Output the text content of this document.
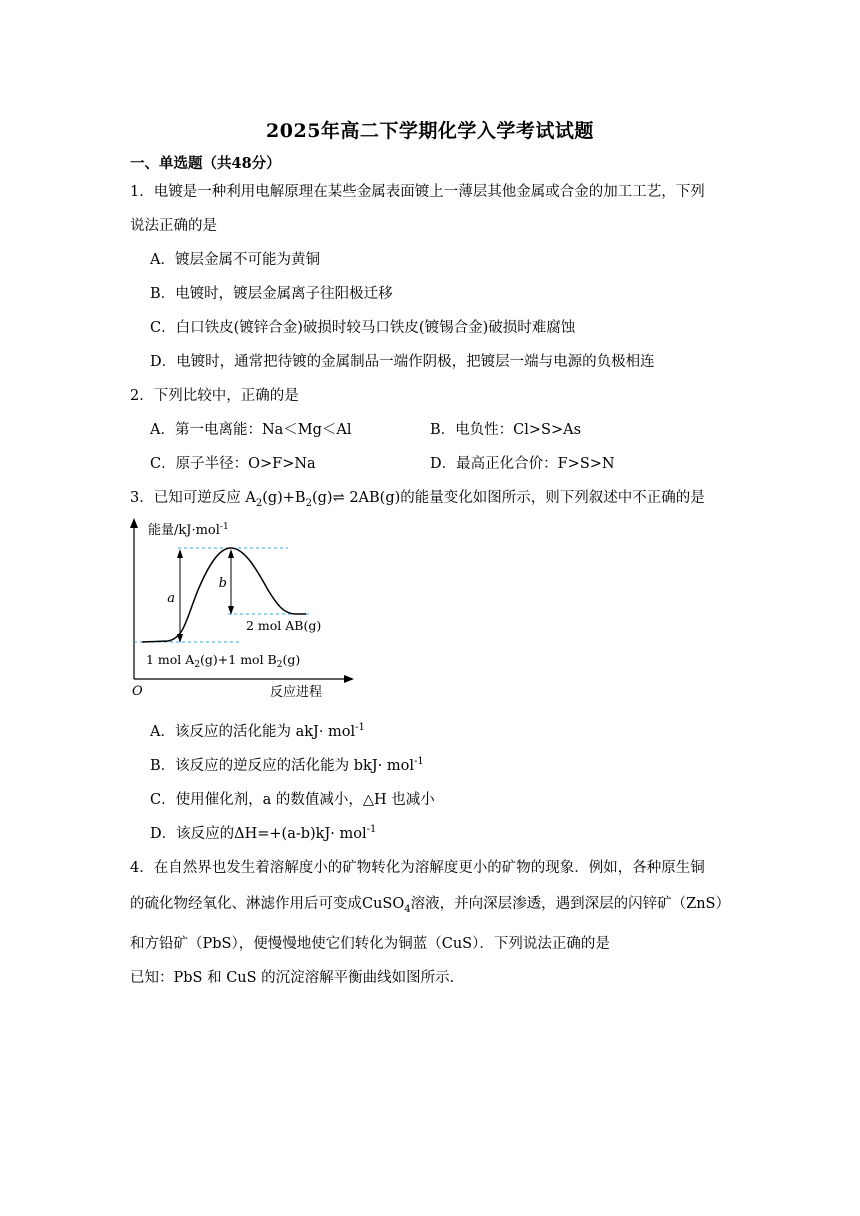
2025年高二下学期化学入学考试试题
一、单选题（共48分）
1．电镀是一种利用电解原理在某些金属表面镀上一薄层其他金属或合金的加工工艺，下列
说法正确的是
A．镀层金属不可能为黄铜
B．电镀时，镀层金属离子往阳极迁移
C．白口铁皮(镀锌合金)破损时较马口铁皮(镀锡合金)破损时难腐蚀
D．电镀时，通常把待镀的金属制品一端作阴极，把镀层一端与电源的负极相连
2．下列比较中，正确的是
A．第一电离能：Na＜Mg＜Al	B．电负性：Cl>S>As
C．原子半径：O>F>Na	D．最高正化合价：F>S>N
3．已知可逆反应 $A_2(g)+B_2(g)\rightleftharpoons$ 2AB(g)的能量变化如图所示，则下列叙述中不正确的是
a
b
能量/kJ·mol$^{-1}$
2 mol AB(g)
1 mol $A_2(g)+1$ mol $B_2(g)$
O	反应进程
A．该反应的活化能为 akJ· mol$^{-1}$
B．该反应的逆反应的活化能为 bkJ· mol$^{-1}$
C．使用催化剂，a 的数值减小，△H 也减小
D．该反应的ΔH=+(a-b)kJ· mol$^{-1}$
4．在自然界也发生着溶解度小的矿物转化为溶解度更小的矿物的现象．例如，各种原生铜
的硫化物经氧化、淋滤作用后可变成CuSO$_4$溶液，并向深层渗透，遇到深层的闪锌矿（ZnS）
和方铅矿（PbS），便慢慢地使它们转化为铜蓝（CuS）．下列说法正确的是
已知：PbS 和 CuS 的沉淀溶解平衡曲线如图所示．
